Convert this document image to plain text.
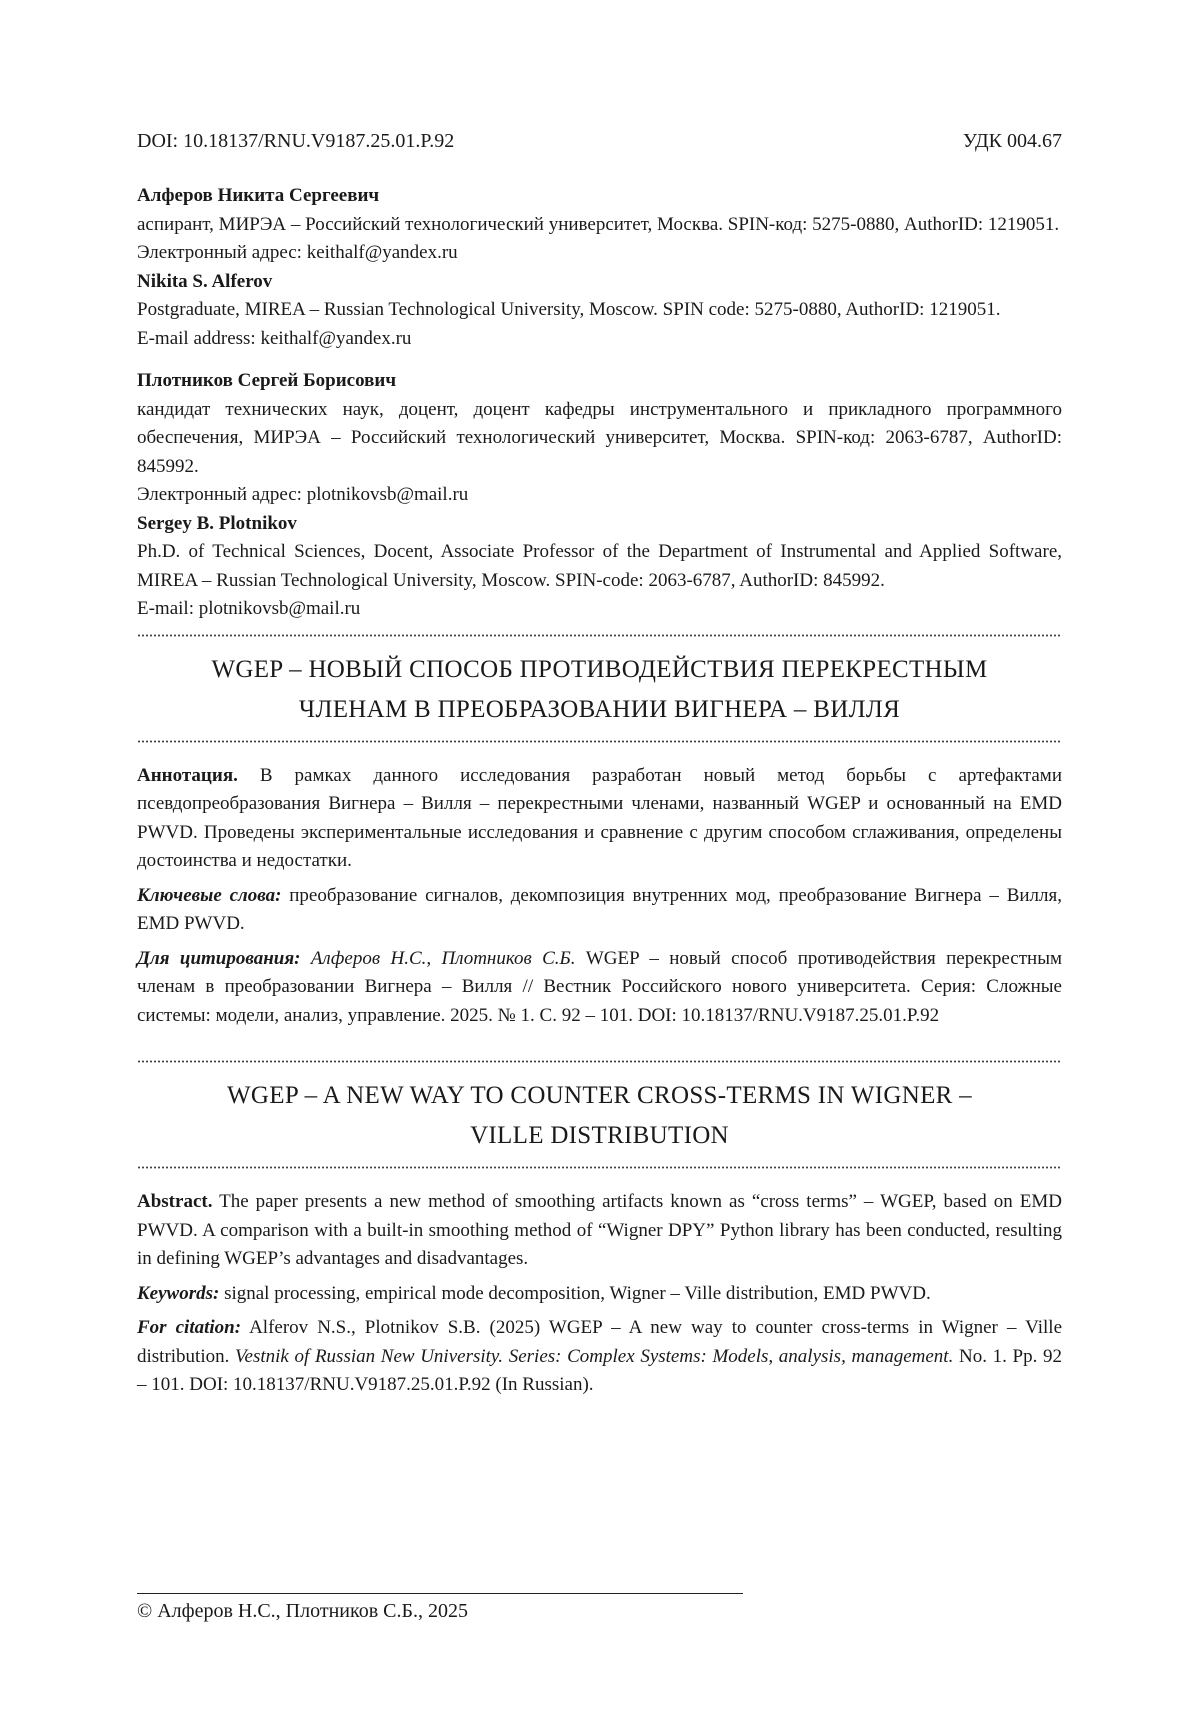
DOI: 10.18137/RNU.V9187.25.01.P.92	УДК 004.67

Алферов Никита Сергеевич

аспирант, МИРЭА – Российский технологический университет, Москва. SPIN-код: 5275-0880, AuthorID: 1219051.

Электронный адрес: keithalf@yandex.ru

Nikita S. Alferov

Postgraduate, MIREA – Russian Technological University, Moscow. SPIN code: 5275-0880, AuthorID: 1219051.

E-mail address: keithalf@yandex.ru

Плотников Сергей Борисович

кандидат технических наук, доцент, доцент кафедры инструментального и прикладного программного обеспечения, МИРЭА – Российский технологический университет, Москва. SPIN-код: 2063-6787, AuthorID: 845992.

Электронный адрес: plotnikovsb@mail.ru

Sergey B. Plotnikov

Ph.D. of Technical Sciences, Docent, Associate Professor of the Department of Instrumental and Applied Software, MIREA – Russian Technological University, Moscow. SPIN-code: 2063-6787, AuthorID: 845992.

E-mail: plotnikovsb@mail.ru

WGEP – НОВЫЙ СПОСОБ ПРОТИВОДЕЙСТВИЯ ПЕРЕКРЕСТНЫМ
ЧЛЕНАМ В ПРЕОБРАЗОВАНИИ ВИГНЕРА – ВИЛЛЯ

Аннотация. В рамках данного исследования разработан новый метод борьбы с артефактами псевдопреобразования Вигнера – Вилля – перекрестными членами, названный WGEP и основанный на EMD PWVD. Проведены экспериментальные исследования и сравнение с другим способом сглаживания, определены достоинства и недостатки.

Ключевые слова: преобразование сигналов, декомпозиция внутренних мод, преобразование Вигнера – Вилля, EMD PWVD.

Для цитирования: Алферов Н.С., Плотников С.Б. WGEP – новый способ противодействия перекрестным членам в преобразовании Вигнера – Вилля // Вестник Российского нового университета. Серия: Сложные системы: модели, анализ, управление. 2025. № 1. С. 92 – 101. DOI: 10.18137/RNU.V9187.25.01.P.92

WGEP – A NEW WAY TO COUNTER CROSS-TERMS IN WIGNER –
VILLE DISTRIBUTION

Abstract. The paper presents a new method of smoothing artifacts known as “cross terms” – WGEP, based on EMD PWVD. A comparison with a built-in smoothing method of “Wigner DPY” Python library has been conducted, resulting in defining WGEP’s advantages and disadvantages.

Keywords: signal processing, empirical mode decomposition, Wigner – Ville distribution, EMD PWVD.

For citation: Alferov N.S., Plotnikov S.B. (2025) WGEP – A new way to counter cross-terms in Wigner – Ville distribution. Vestnik of Russian New University. Series: Complex Systems: Models, analysis, management. No. 1. Pp. 92 – 101. DOI: 10.18137/RNU.V9187.25.01.P.92 (In Russian).

© Алферов Н.С., Плотников С.Б., 2025
